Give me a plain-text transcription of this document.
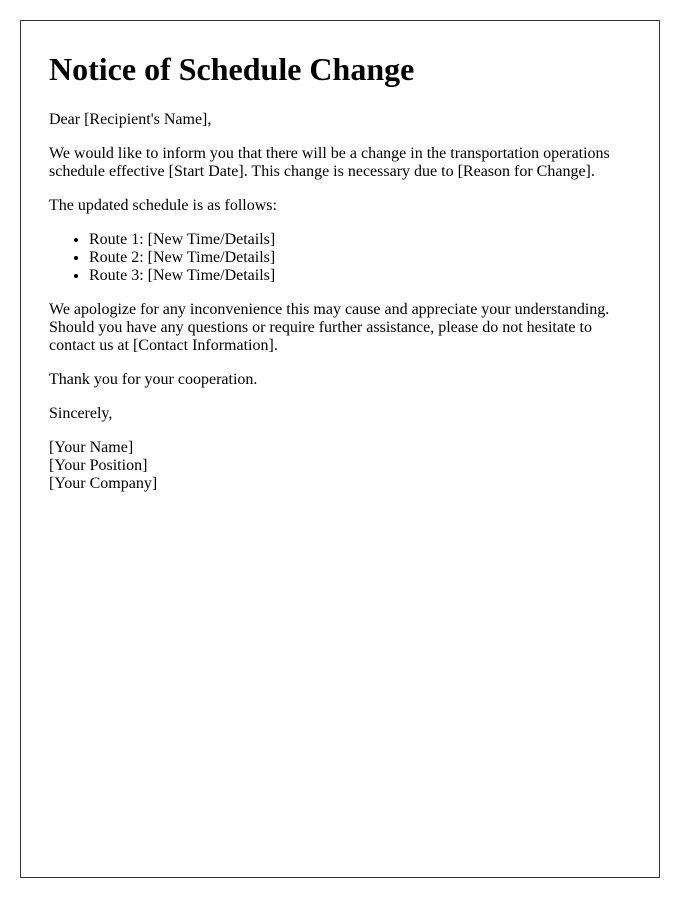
Notice of Schedule Change

Dear [Recipient's Name],

We would like to inform you that there will be a change in the transportation operations schedule effective [Start Date]. This change is necessary due to [Reason for Change].

The updated schedule is as follows:

• Route 1: [New Time/Details]
• Route 2: [New Time/Details]
• Route 3: [New Time/Details]

We apologize for any inconvenience this may cause and appreciate your understanding. Should you have any questions or require further assistance, please do not hesitate to contact us at [Contact Information].

Thank you for your cooperation.

Sincerely,

[Your Name]
[Your Position]
[Your Company]
